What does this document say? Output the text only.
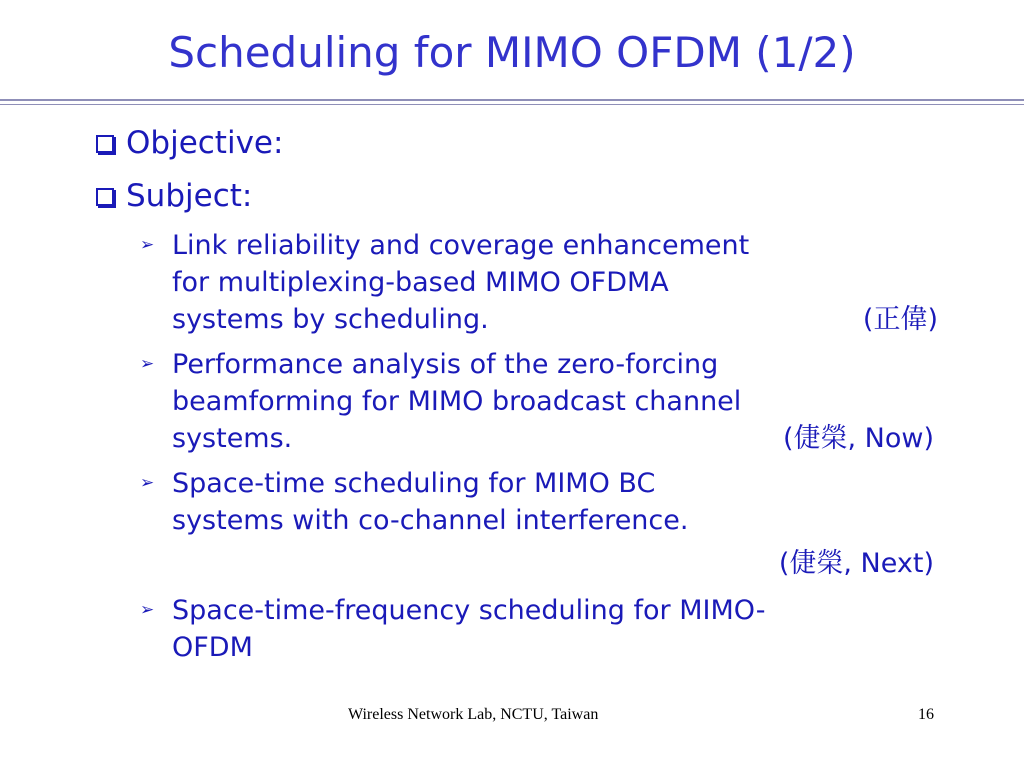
Scheduling for MIMO OFDM (1/2)
Objective:
Subject:
➢ Link reliability and coverage enhancement
for multiplexing-based MIMO OFDMA
systems by scheduling.	(正偉)
➢ Performance analysis of the zero-forcing
beamforming for MIMO broadcast channel
systems.	(倢榮, Now)
➢ Space-time scheduling for MIMO BC
systems with co-channel interference.
(倢榮, Next)
➢ Space-time-frequency scheduling for MIMO-
OFDM
Wireless Network Lab, NCTU, Taiwan	16
